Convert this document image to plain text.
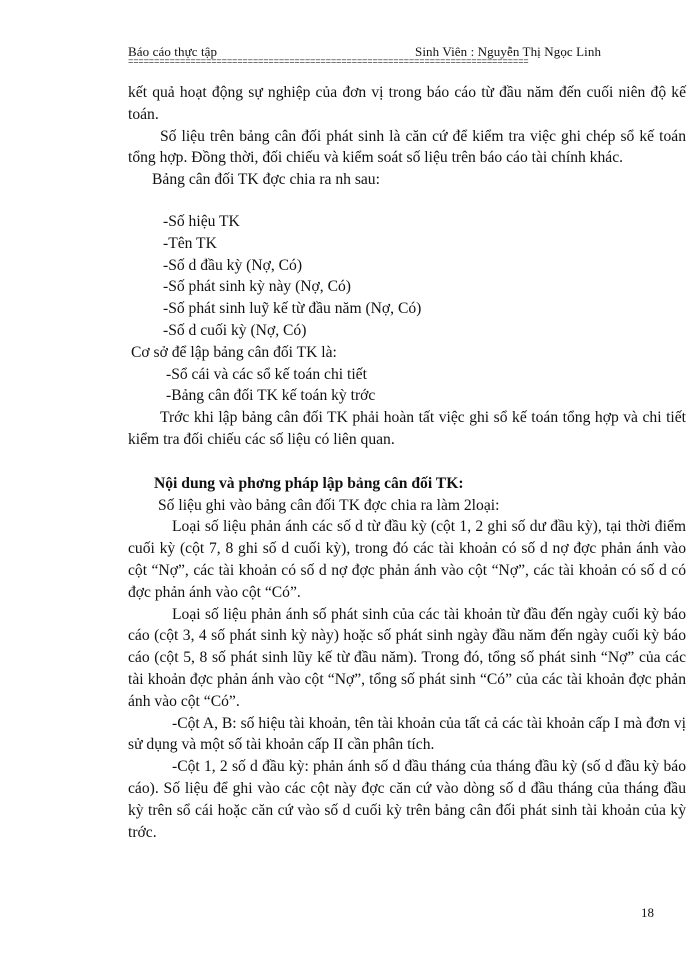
Báo cáo thực tập	Sinh Viên : Nguyễn Thị Ngọc Linh
=============================================================================

kết quả hoạt động sự nghiệp của đơn vị trong báo cáo từ đầu năm đến cuối niên độ kế toán.

Số liệu trên bảng cân đối phát sinh là căn cứ để kiểm tra việc ghi chép sổ kế toán tổng hợp. Đồng thời, đối chiếu và kiểm soát số liệu trên báo cáo tài chính khác.

Bảng cân đối TK đợc chia ra nh sau:

-Số hiệu TK

-Tên TK

-Số d đầu kỳ (Nợ, Có)

-Số phát sinh kỳ này (Nợ, Có)

-Số phát sinh luỹ kế từ đầu năm (Nợ, Có)

-Số d cuối kỳ (Nợ, Có)

Cơ sở để lập bảng cân đối TK là:

-Sổ cái và các sổ kế toán chi tiết

-Bảng cân đối TK kế toán kỳ trớc

Trớc khi lập bảng cân đối TK phải hoàn tất việc ghi sổ kế toán tổng hợp và chi tiết kiểm tra đối chiếu các số liệu có liên quan.

Nội dung và phơng pháp lập bảng cân đối TK:

Số liệu ghi vào bảng cân đối TK đợc chia ra làm 2loại:

Loại số liệu phản ánh các số d từ đầu kỳ (cột 1, 2 ghi số dư đầu kỳ), tại thời điểm cuối kỳ (cột 7, 8 ghi số d cuối kỳ), trong đó các tài khoản có số d nợ đợc phản ánh vào cột “Nợ”, các tài khoản có số d nợ đợc phản ánh vào cột “Nợ”, các tài khoản có số d có đợc phản ánh vào cột “Có”.

Loại số liệu phản ánh số phát sinh của các tài khoản từ đầu đến ngày cuối kỳ báo cáo (cột 3, 4 số phát sinh kỳ này) hoặc số phát sinh ngày đầu năm đến ngày cuối kỳ báo cáo (cột 5, 8 số phát sinh lũy kế từ đầu năm). Trong đó, tổng số phát sinh “Nợ” của các tài khoản đợc phản ánh vào cột “Nợ”, tổng số phát sinh “Có” của các tài khoản đợc phản ánh vào cột “Có”.

-Cột A, B: số hiệu tài khoản, tên tài khoản của tất cả các tài khoản cấp I mà đơn vị sử dụng và một số tài khoản cấp II cần phân tích.

-Cột 1, 2 số d đầu kỳ: phản ánh số d đầu tháng của tháng đầu kỳ (số d đầu kỳ báo cáo). Số liệu để ghi vào các cột này đợc căn cứ vào dòng số d đầu tháng của tháng đầu kỳ trên sổ cái hoặc căn cứ vào số d cuối kỳ trên bảng cân đối phát sinh tài khoản của kỳ trớc.

18
